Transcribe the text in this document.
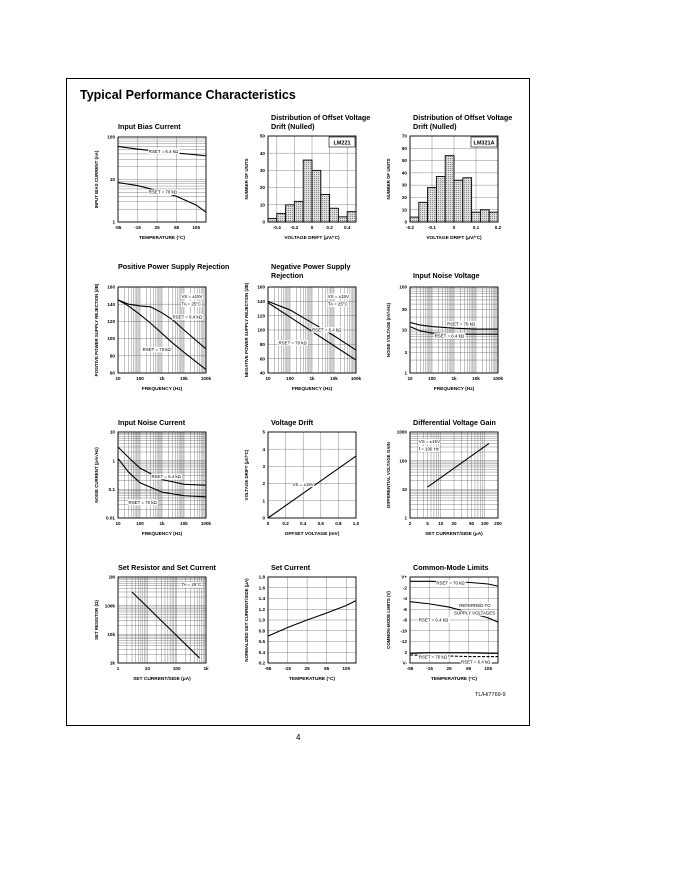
Typical Performance Characteristics
Input Bias Current
RSET = 6.4 kΩ
RSET = 70 kΩ
-55	-15	25	65	105
1
10
100
TEMPERATURE (°C)
INPUT BIAS CURRENT (nA)
Distribution of Offset Voltage Drift (Nulled)
LM221
-0.4 -0.2	0	0.2 0.4
0
10
20
30
40
50
VOLTAGE DRIFT (μV/°C)
NUMBER OF UNITS
Distribution of Offset Voltage Drift (Nulled)
LM321A
-0.2	-0.1	0	0.1	0.2
0
10
20
30
40
50
60
70
VOLTAGE DRIFT (μV/°C)
NUMBER OF UNITS
Positive Power Supply Rejection
VS = ±15V
TA = 25°C
RSET = 6.4 kΩ
RSET = 70 kΩ
10	100	1k	10k	100k
60
80
100
120
140
160
FREQUENCY (Hz)
POSITIVE POWER SUPPLY REJECTION (dB)
Negative Power Supply Rejection
VS = ±15V
TA = 25°C
RSET = 6.4 kΩ
RSET = 70 kΩ
10	100	1k	10k	100k
40
60
80
100
120
140
160
FREQUENCY (Hz)
NEGATIVE POWER SUPPLY REJECTION (dB)
Input Noise Voltage
RSET = 70 kΩ
RSET = 6.4 kΩ
10	100	1k	10k	100k
1
3
10
30
100
FREQUENCY (Hz)
NOISE VOLTAGE (nV/√Hz)
Input Noise Current
RSET = 6.4 kΩ
RSET = 70 kΩ
10	100	1k	10k	100k
0.01
0.1
1
10
FREQUENCY (Hz)
NOISE CURRENT (pA/√Hz)
Voltage Drift
VS = ±15V
0	0.2 0.4 0.6 0.8 1.0
0
1
2
3
4
5
OFFSET VOLTAGE (mV)
VOLTAGE DRIFT (μV/°C)
Differential Voltage Gain
VS = ±15V
f = 100 Hz
2	5 10 20	50 100 200
1
10
100
1000
SET CURRENT/SIDE (μA)
DIFFERENTIAL VOLTAGE GAIN
Set Resistor and Set Current
TA = 25°C
1	10	100	1k
1k
10k
100k
1M
SET CURRENT/SIDE (μA)
SET RESISTOR (Ω)
Set Current
-55	-15	25	65	105
0.2
0.4
0.6
0.8
1.0
1.2
1.4
1.6
1.8
TEMPERATURE (°C)
NORMALIZED SET CURRENT/SIDE (μA)
Common-Mode Limits
RSET = 70 kΩ
REFERRED TO
SUPPLY VOLTAGES
RSET = 6.4 kΩ
RSET = 70 kΩ
RSET = 6.4 kΩ
-55	-15	25	65	105
V+
-2
-4
-6
-8
-10
-12
2
V-
TEMPERATURE (°C)
COMMON-MODE LIMITS (V)
TL/H/7769-9
4
